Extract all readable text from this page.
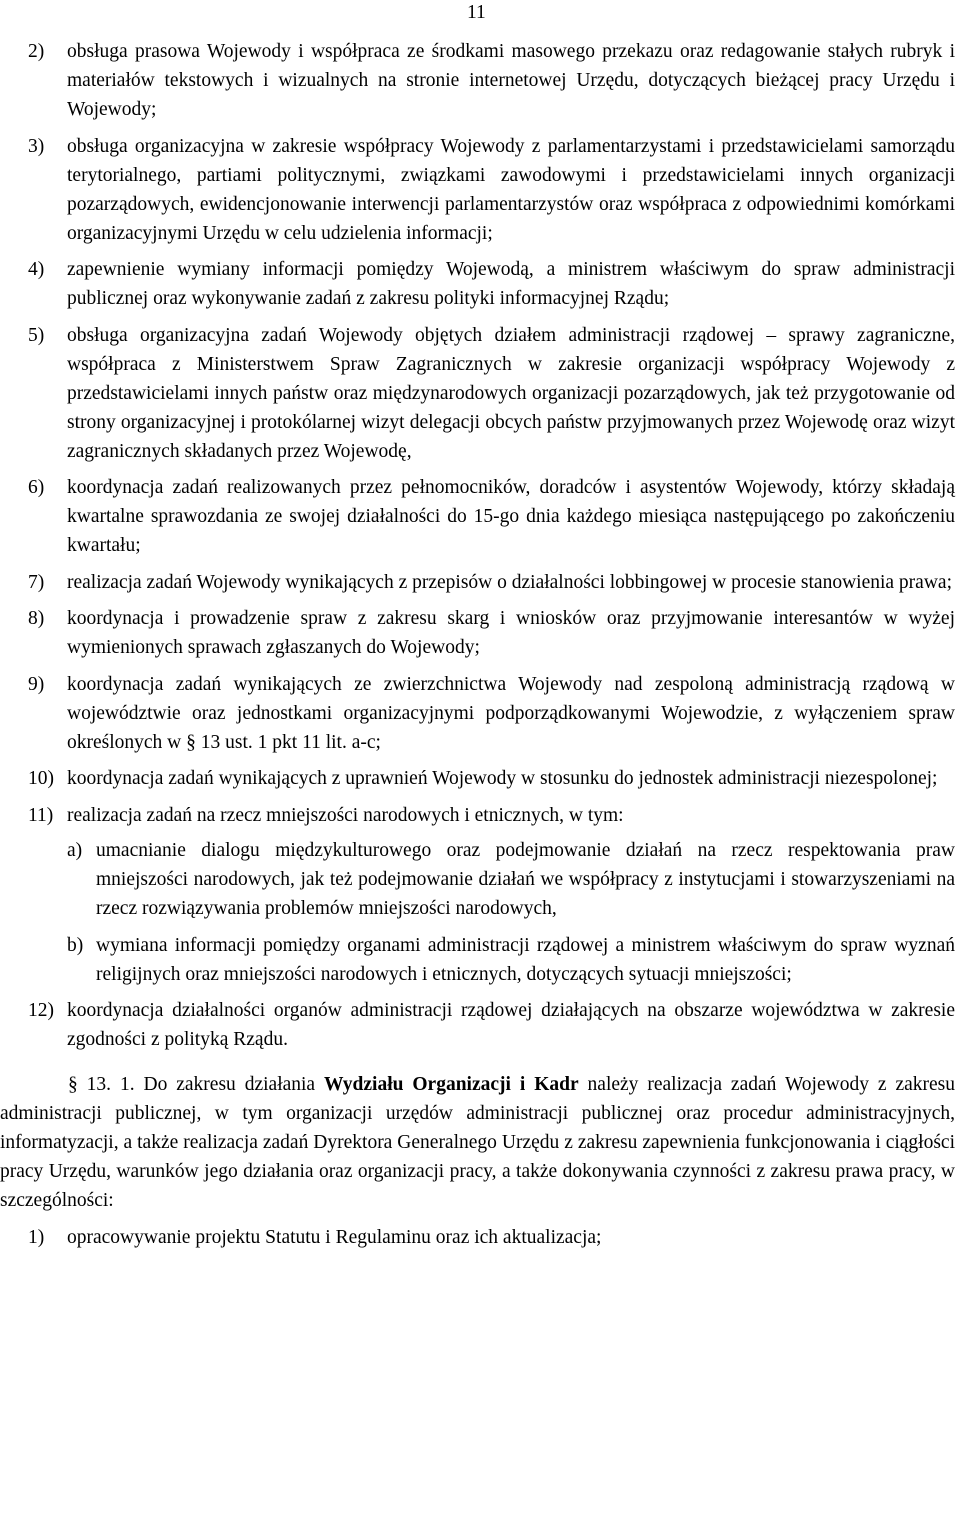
11
2)	obsługa prasowa Wojewody i współpraca ze środkami masowego przekazu oraz redagowanie stałych rubryk i materiałów tekstowych i wizualnych na stronie internetowej Urzędu, dotyczących bieżącej pracy Urzędu i Wojewody;
3)	obsługa organizacyjna w zakresie współpracy Wojewody z parlamentarzystami i przedstawicielami samorządu terytorialnego, partiami politycznymi, związkami zawodowymi i przedstawicielami innych organizacji pozarządowych, ewidencjonowanie interwencji parlamentarzystów oraz współpraca z odpowiednimi komórkami organizacyjnymi Urzędu w celu udzielenia informacji;
4)	zapewnienie wymiany informacji pomiędzy Wojewodą, a ministrem właściwym do spraw administracji publicznej oraz wykonywanie zadań z zakresu polityki informacyjnej Rządu;
5)	obsługa organizacyjna zadań Wojewody objętych działem administracji rządowej – sprawy zagraniczne, współpraca z Ministerstwem Spraw Zagranicznych w zakresie organizacji współpracy Wojewody z przedstawicielami innych państw oraz międzynarodowych organizacji pozarządowych, jak też przygotowanie od strony organizacyjnej i protokólarnej wizyt delegacji obcych państw przyjmowanych przez Wojewodę oraz wizyt zagranicznych składanych przez Wojewodę,
6)	koordynacja zadań realizowanych przez pełnomocników, doradców i asystentów Wojewody, którzy składają kwartalne sprawozdania ze swojej działalności do 15-go dnia każdego miesiąca następującego po zakończeniu kwartału;
7)	realizacja zadań Wojewody wynikających z przepisów o działalności lobbingowej w procesie stanowienia prawa;
8)	koordynacja i prowadzenie spraw z zakresu skarg i wniosków oraz przyjmowanie interesantów w wyżej wymienionych sprawach zgłaszanych do Wojewody;
9)	koordynacja zadań wynikających ze zwierzchnictwa Wojewody nad zespoloną administracją rządową w województwie oraz jednostkami organizacyjnymi podporządkowanymi Wojewodzie, z wyłączeniem spraw określonych w § 13 ust. 1 pkt 11 lit. a-c;
10) koordynacja zadań wynikających z uprawnień Wojewody w stosunku do jednostek administracji niezespolonej;
11) realizacja zadań na rzecz mniejszości narodowych i etnicznych, w tym:
a) umacnianie dialogu międzykulturowego oraz podejmowanie działań na rzecz respektowania praw mniejszości narodowych, jak też podejmowanie działań we współpracy z instytucjami i stowarzyszeniami na rzecz rozwiązywania problemów mniejszości narodowych,
b) wymiana informacji pomiędzy organami administracji rządowej a ministrem właściwym do spraw wyznań religijnych oraz mniejszości narodowych i etnicznych, dotyczących sytuacji mniejszości;
12) koordynacja działalności organów administracji rządowej działających na obszarze województwa w zakresie zgodności z polityką Rządu.
§ 13. 1. Do zakresu działania Wydziału Organizacji i Kadr należy realizacja zadań Wojewody z zakresu administracji publicznej, w tym organizacji urzędów administracji publicznej oraz procedur administracyjnych, informatyzacji, a także realizacja zadań Dyrektora Generalnego Urzędu z zakresu zapewnienia funkcjonowania i ciągłości pracy Urzędu, warunków jego działania oraz organizacji pracy, a także dokonywania czynności z zakresu prawa pracy, w szczególności:
1)	opracowywanie projektu Statutu i Regulaminu oraz ich aktualizacja;
